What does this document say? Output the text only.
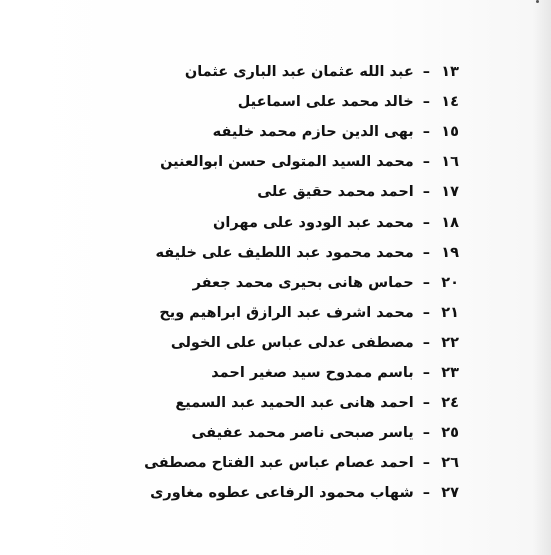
١٣
–
عبد الله عثمان عبد البارى عثمان
١٤
–
خالد محمد على اسماعيل
١٥
–
بهى الدين حازم محمد خليفه
١٦
–
محمد السيد المتولى حسن ابوالعنين
١٧
–
احمد محمد حقيق على
١٨
–
محمد عبد الودود على مهران
١٩
–
محمد محمود عبد اللطيف على خليفه
٢٠
–
حماس هانى بحيرى محمد جعفر
٢١
–
محمد اشرف عبد الرازق ابراهيم ويح
٢٢
–
مصطفى عدلى عباس على الخولى
٢٣
–
باسم ممدوح سيد صغير احمد
٢٤
–
احمد هانى عبد الحميد عبد السميع
٢٥
–
ياسر صبحى ناصر محمد عفيفى
٢٦
–
احمد عصام عباس عبد الفتاح مصطفى
٢٧
–
شهاب محمود الرفاعى عطوه مغاورى
